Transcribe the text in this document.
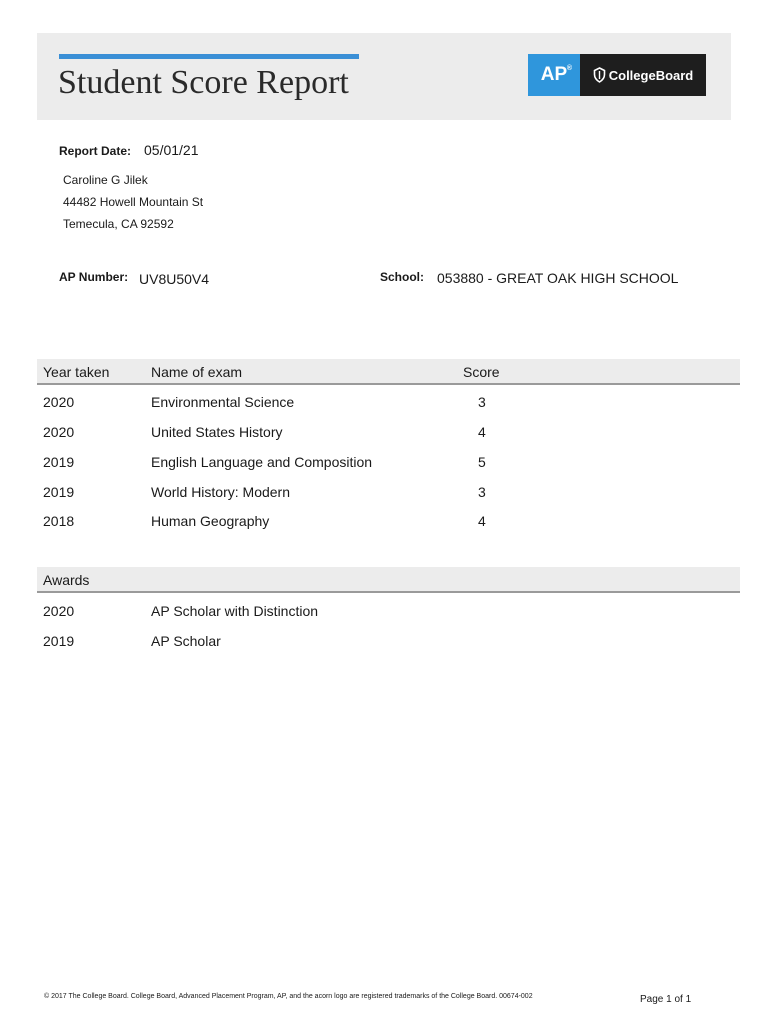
Student Score Report	AP®	CollegeBoard
Report Date: 05/01/21
Caroline G Jilek
44482 Howell Mountain St
Temecula, CA 92592
AP Number: UV8U50V4	School: 053880 - GREAT OAK HIGH SCHOOL
Year taken	Name of exam	Score
2020	Environmental Science	3
2020	United States History	4
2019	English Language and Composition	5
2019	World History: Modern	3
2018	Human Geography	4
Awards
2020	AP Scholar with Distinction
2019	AP Scholar
© 2017 The College Board. College Board, Advanced Placement Program, AP, and the acorn logo are registered trademarks of the College Board. 00674-002	Page 1 of 1
